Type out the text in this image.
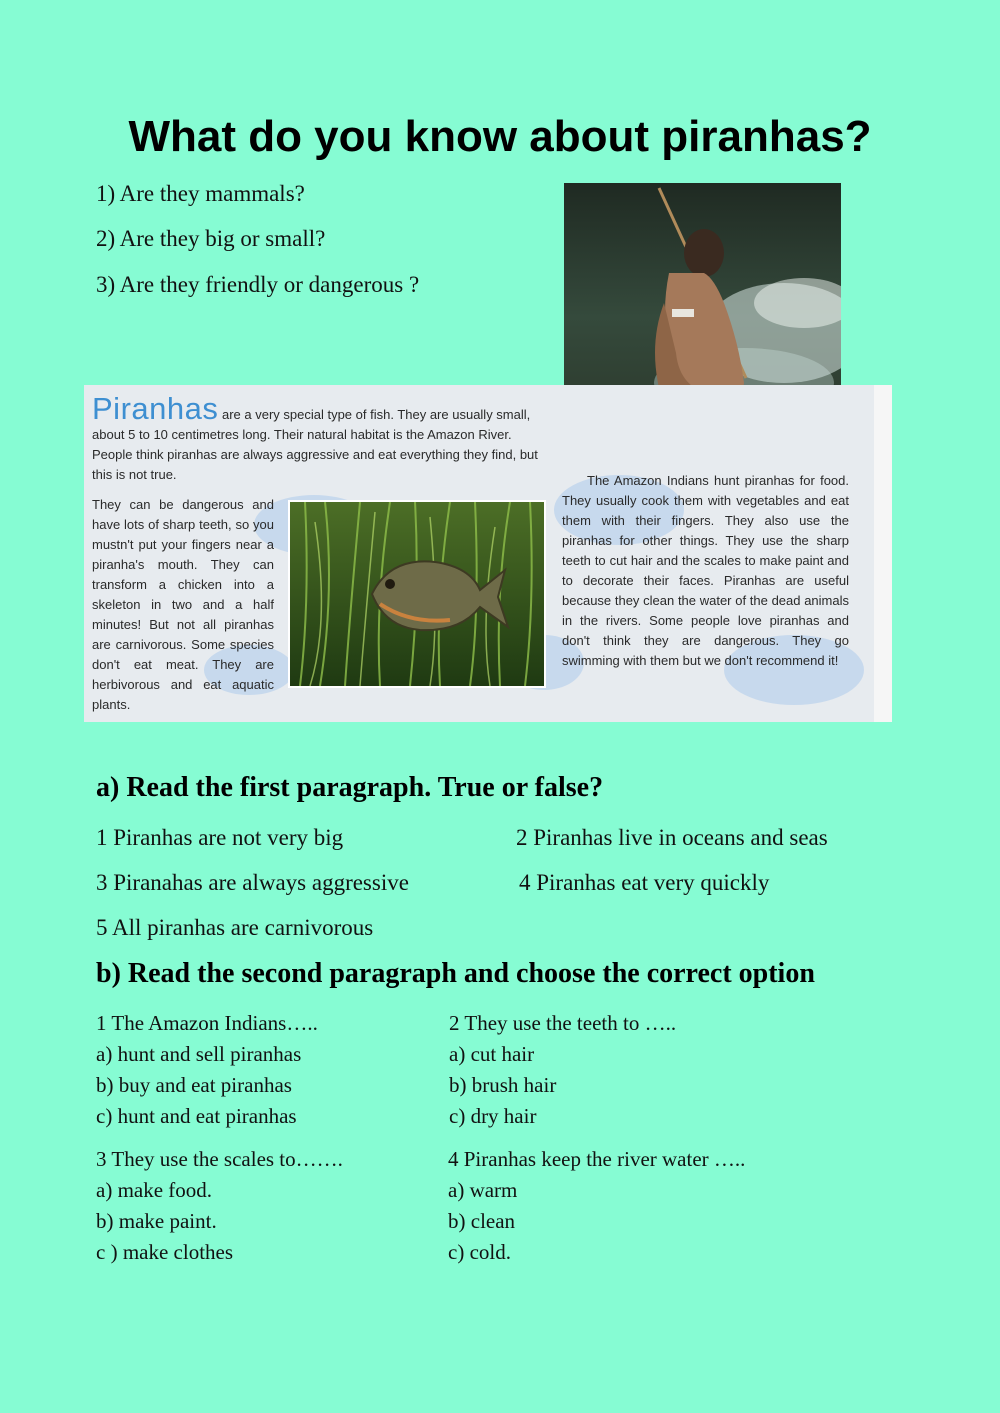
What do you know about piranhas?
1) Are they mammals?
2) Are they big or small?
3) Are they friendly or dangerous ?
Piranhas are a very special type of fish. They are usually small, about 5 to 10 centimetres long. Their natural habitat is the Amazon River. People think piranhas are always aggressive and eat everything they find, but this is not true.
They can be dangerous and have lots of sharp teeth, so you mustn't put your fingers near a piranha's mouth. They can transform a chicken into a skeleton in two and a half minutes! But not all piranhas are carnivorous. Some species don't eat meat. They are herbivorous and eat aquatic plants.
The Amazon Indians hunt piranhas for food. They usually cook them with vegetables and eat them with their fingers. They also use the piranhas for other things. They use the sharp teeth to cut hair and the scales to make paint and to decorate their faces. Piranhas are useful because they clean the water of the dead animals in the rivers. Some people love piranhas and don't think they are dangerous. They go swimming with them but we don't recommend it!
a) Read the first paragraph. True or false?
1 Piranhas are not very big	2 Piranhas live in oceans and seas
3 Piranahas are always aggressive	4 Piranhas eat very quickly
5 All piranhas are carnivorous
b) Read the second paragraph and choose the correct option
1 The Amazon Indians…..
a) hunt and sell piranhas
b) buy and eat piranhas
c) hunt and eat piranhas
2 They use the teeth to …..
a) cut hair
b) brush hair
c) dry hair
3 They use the scales to…….
a) make food.
b) make paint.
c ) make clothes
4 Piranhas keep the river water …..
a) warm
b) clean
c) cold.
